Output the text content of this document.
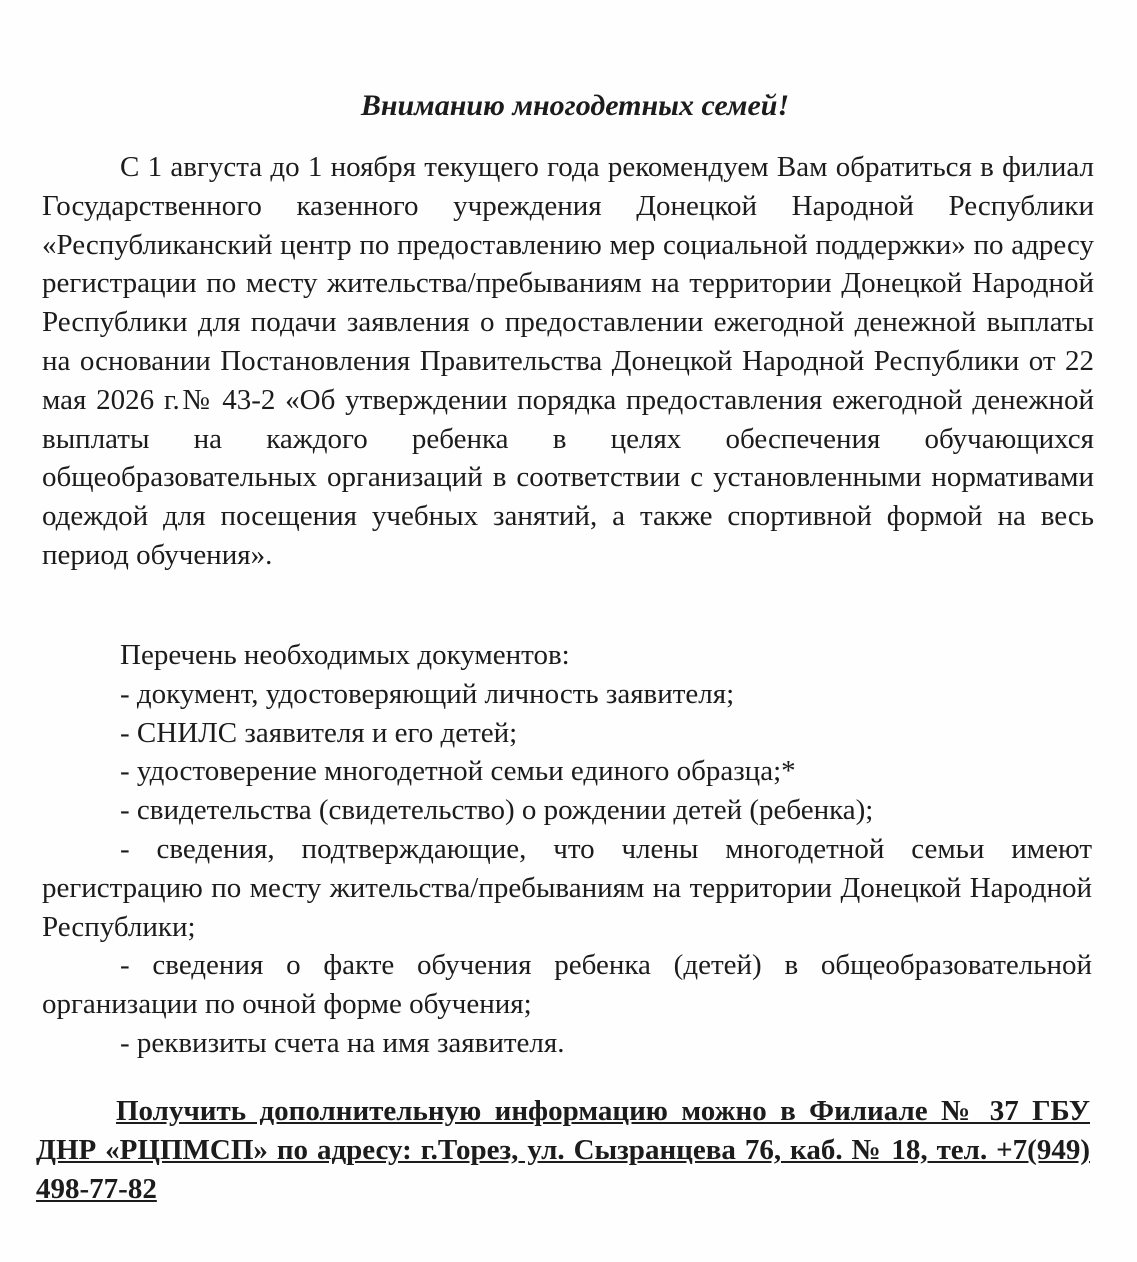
Вниманию многодетных семей!

С 1 августа до 1 ноября текущего года рекомендуем Вам обратиться в филиал Государственного казенного учреждения Донецкой Народной Республики «Республиканский центр по предоставлению мер социальной поддержки» по адресу регистрации по месту жительства/пребываниям на территории Донецкой Народной Республики для подачи заявления о предоставлении ежегодной денежной выплаты на основании Постановления Правительства Донецкой Народной Республики от 22 мая 2026 г.№ 43-2 «Об утверждении порядка предоставления ежегодной денежной выплаты на каждого ребенка в целях обеспечения обучающихся общеобразовательных организаций в соответствии с установленными нормативами одеждой для посещения учебных занятий, а также спортивной формой на весь период обучения».

Перечень необходимых документов:
- документ, удостоверяющий личность заявителя;
- СНИЛС заявителя и его детей;
- удостоверение многодетной семьи единого образца;*
- свидетельства (свидетельство) о рождении детей (ребенка);
- сведения, подтверждающие, что члены многодетной семьи имеют регистрацию по месту жительства/пребываниям на территории Донецкой Народной Республики;
- сведения о факте обучения ребенка (детей) в общеобразовательной организации по очной форме обучения;
- реквизиты счета на имя заявителя.

Получить дополнительную информацию можно в Филиале № 37 ГБУ ДНР «РЦПМСП» по адресу: г.Торез, ул. Сызранцева 76, каб. № 18, тел. +7(949) 498-77-82
